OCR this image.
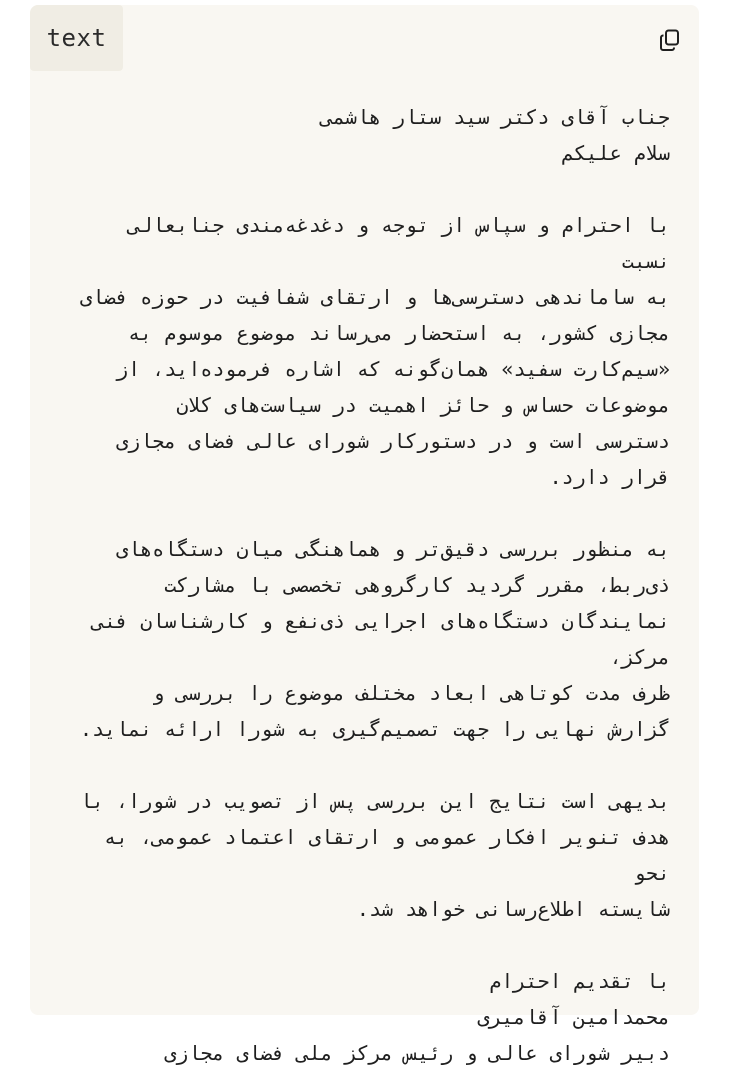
text
جناب آقای دکتر سید ستار هاشمی
سلام علیکم
با احترام و سپاس از توجه و دغدغه‌مندی جنابعالی نسبت
به ساماندهی دسترسی‌ها و ارتقای شفافیت در حوزه فضای
مجازی کشور، به استحضار می‌رساند موضوع موسوم به
«سیم‌کارت سفید» همان‌گونه که اشاره فرموده‌اید، از
موضوعات حساس و حائز اهمیت در سیاست‌های کلان
دسترسی است و در دستورکار شورای عالی فضای مجازی
قرار دارد.
به منظور بررسی دقیق‌تر و هماهنگی میان دستگاه‌های
ذی‌ربط، مقرر گردید کارگروهی تخصصی با مشارکت
نمایندگان دستگاه‌های اجرایی ذی‌نفع و کارشناسان فنی مرکز،
ظرف مدت کوتاهی ابعاد مختلف موضوع را بررسی و
گزارش نهایی را جهت تصمیم‌گیری به شورا ارائه نماید.
بدیهی است نتایج این بررسی پس از تصویب در شورا، با
هدف تنویر افکار عمومی و ارتقای اعتماد عمومی، به نحو
شایسته اطلاع‌رسانی خواهد شد.
با تقدیم احترام
محمدامین آقامیری
دبیر شورای عالی و رئیس مرکز ملی فضای مجازی
